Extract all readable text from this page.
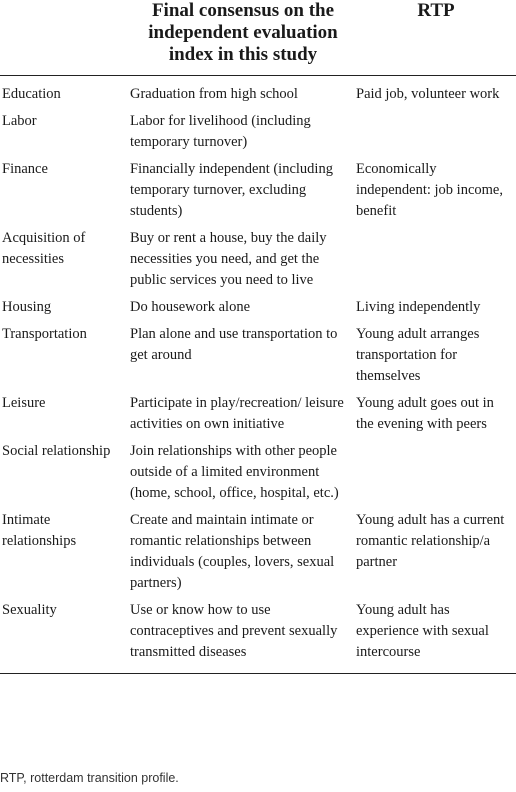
	Final consensus on the independent evaluation index in this study	RTP
Education	Graduation from high school	Paid job, volunteer work
Labor	Labor for livelihood (including temporary turnover)	
Finance	Financially independent (including temporary turnover, excluding students)	Economically independent: job income, benefit
Acquisition of necessities	Buy or rent a house, buy the daily necessities you need, and get the public services you need to live	
Housing	Do housework alone	Living independently
Transportation	Plan alone and use transportation to get around	Young adult arranges transportation for themselves
Leisure	Participate in play/recreation/ leisure activities on own initiative	Young adult goes out in the evening with peers
Social relationship	Join relationships with other people outside of a limited environment (home, school, office, hospital, etc.)	
Intimate relationships	Create and maintain intimate or romantic relationships between individuals (couples, lovers, sexual partners)	Young adult has a current romantic relationship/a partner
Sexuality	Use or know how to use contraceptives and prevent sexually transmitted diseases	Young adult has experience with sexual intercourse
RTP, rotterdam transition profile.
